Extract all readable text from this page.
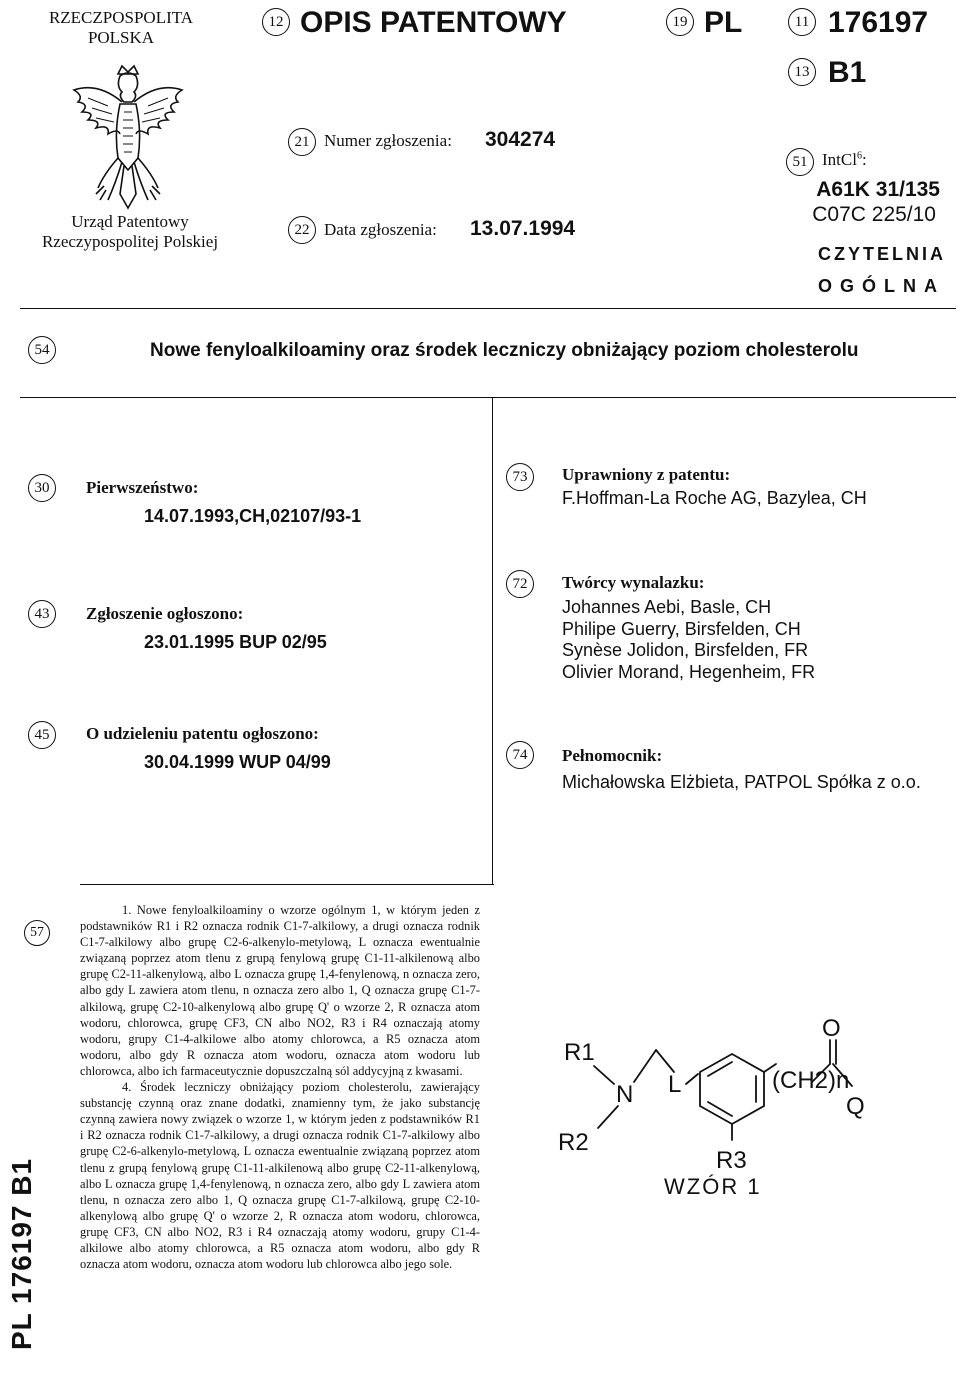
RZECZPOSPOLITA
POLSKA
Urząd Patentowy
Rzeczypospolitej Polskiej
12 OPIS PATENTOWY	19 PL	11 176197
13 B1
21 Numer zgłoszenia: 304274
22 Data zgłoszenia: 13.07.1994
51 IntCl$^6$:
A61K 31/135
C07C 225/10
CZYTELNIA
OGÓLNA
54	Nowe fenyloalkiloaminy oraz środek leczniczy obniżający poziom cholesterolu
30	Pierwszeństwo:
14.07.1993,CH,02107/93-1
43	Zgłoszenie ogłoszono:
23.01.1995 BUP 02/95
45	O udzieleniu patentu ogłoszono:
30.04.1999 WUP 04/99
73	Uprawniony z patentu:
F.Hoffman-La Roche AG, Bazylea, CH
72	Twórcy wynalazku:
Johannes Aebi, Basle, CH
Philipe Guerry, Birsfelden, CH
Synèse Jolidon, Birsfelden, FR
Olivier Morand, Hegenheim, FR
74	Pełnomocnik:
Michałowska Elżbieta, PATPOL Spółka z o.o.
57

1. Nowe fenyloalkiloaminy o wzorze ogólnym 1, w którym jeden z podstawników R1 i R2 oznacza rodnik C1-7-alkilowy, a drugi oznacza rodnik C1-7-alkilowy albo grupę C2-6-alkenylo-metylową, L oznacza ewentualnie związaną poprzez atom tlenu z grupą fenylową grupę C1-11-alkilenową albo grupę C2-11-alkenylową, albo L oznacza grupę 1,4-fenylenową, n oznacza zero, albo gdy L zawiera atom tlenu, n oznacza zero albo 1, Q oznacza grupę C1-7-alkilową, grupę C2-10-alkenylową albo grupę Q' o wzorze 2, R oznacza atom wodoru, chlorowca, grupę CF3, CN albo NO2, R3 i R4 oznaczają atomy wodoru, grupy C1-4-alkilowe albo atomy chlorowca, a R5 oznacza atom wodoru, albo gdy R oznacza atom wodoru, oznacza atom wodoru lub chlorowca, albo ich farmaceutycznie dopuszczalną sól addycyjną z kwasami.

4. Środek leczniczy obniżający poziom cholesterolu, zawierający substancję czynną oraz znane dodatki, znamienny tym, że jako substancję czynną zawiera nowy związek o wzorze 1, w którym jeden z podstawników R1 i R2 oznacza rodnik C1-7-alkilowy, a drugi oznacza rodnik C1-7-alkilowy albo grupę C2-6-alkenylo-metylową, L oznacza ewentualnie związaną poprzez atom tlenu z grupą fenylową grupę C1-11-alkilenową albo grupę C2-11-alkenylową, albo L oznacza grupę 1,4-fenylenową, n oznacza zero, albo gdy L zawiera atom tlenu, n oznacza zero albo 1, Q oznacza grupę C1-7-alkilową, grupę C2-10-alkenylową albo grupę Q' o wzorze 2, R oznacza atom wodoru, chlorowca, grupę CF3, CN albo NO2, R3 i R4 oznaczają atomy wodoru, grupy C1-4-alkilowe albo atomy chlorowca, a R5 oznacza atom wodoru, albo gdy R oznacza atom wodoru, oznacza atom wodoru lub chlorowca albo jego sole.

PL 176197 B1
R1
R2
N L
O
(CH2)n
Q
R3
WZÓR 1
